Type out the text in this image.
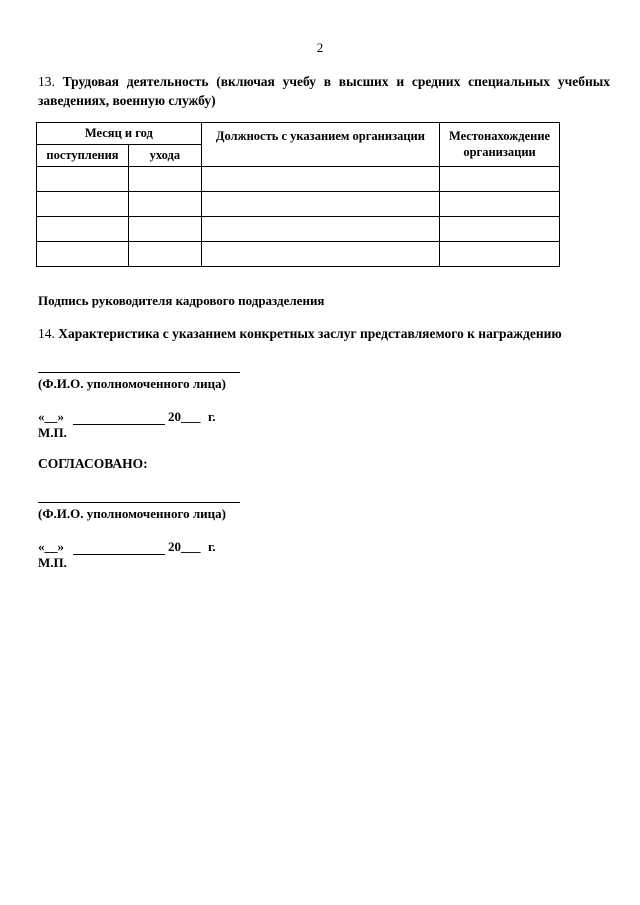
2
13. Трудовая деятельность (включая учебу в высших и средних специальных учебных заведениях, военную службу)
Месяц и год		Должность с указанием организации	Местонахождение организации
поступления	ухода		

Подпись руководителя кадрового подразделения
14. Характеристика с указанием конкретных заслуг представляемого к награждению
(Ф.И.О. уполномоченного лица)
«__»	20___ г.
М.П.
СОГЛАСОВАНО:
(Ф.И.О. уполномоченного лица)
«__»	20___ г.
М.П.
